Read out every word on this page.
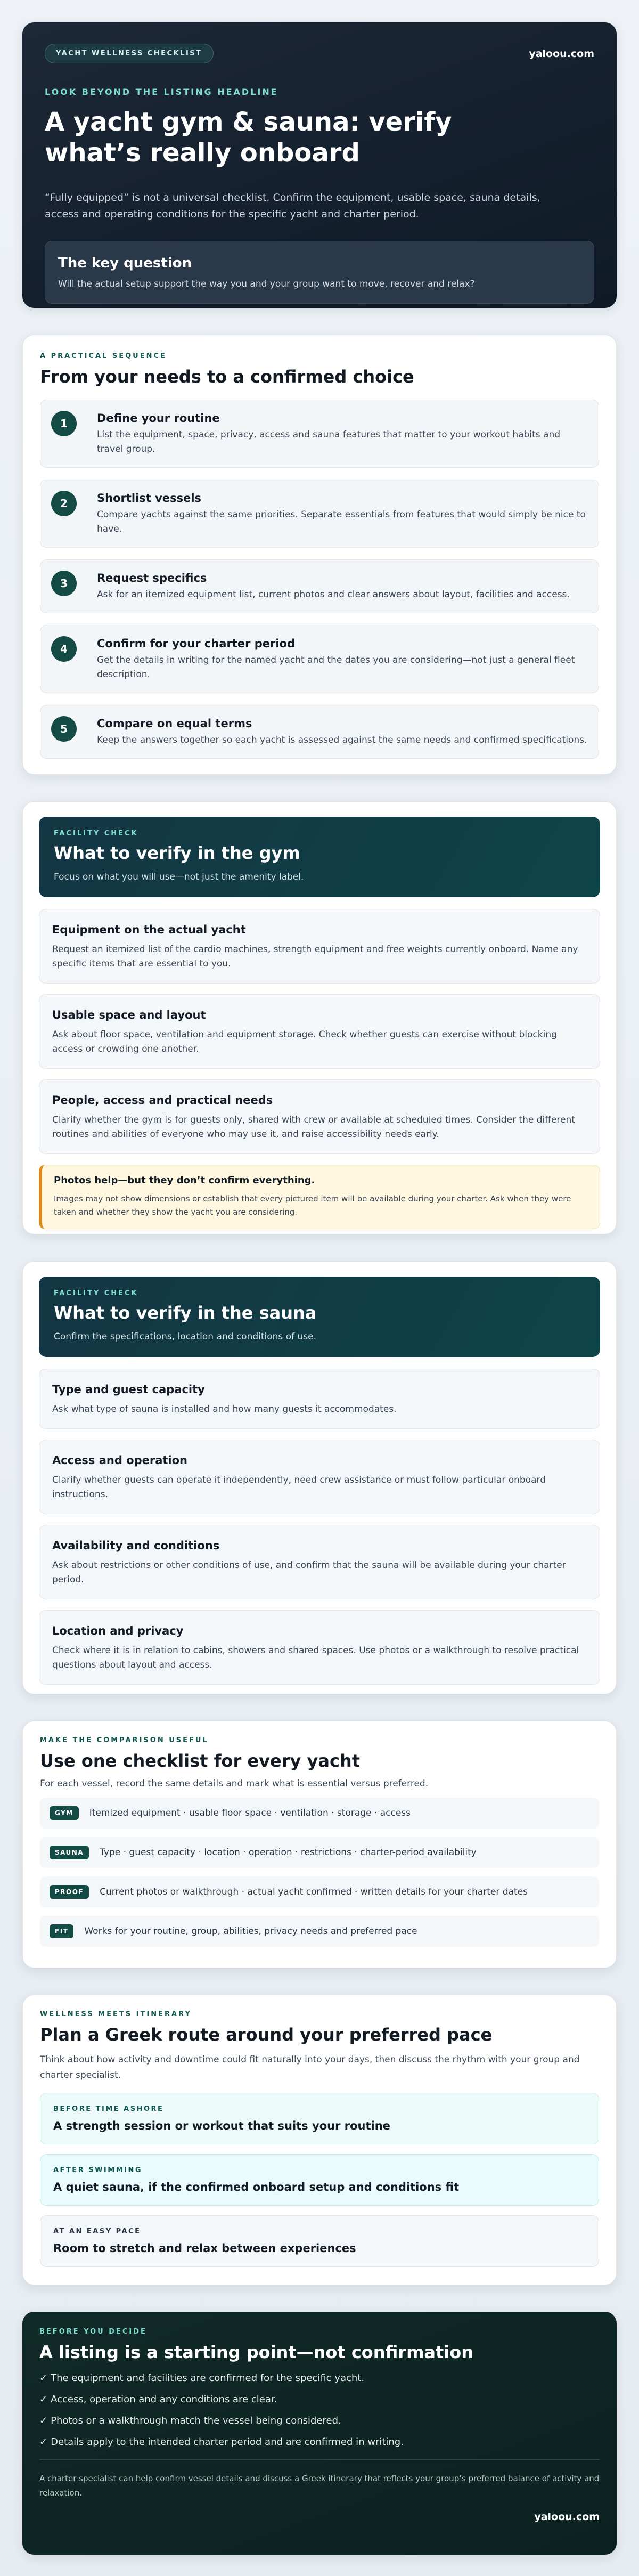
YACHT WELLNESS CHECKLIST	yaloou.com
LOOK BEYOND THE LISTING HEADLINE
A yacht gym & sauna: verify what’s really onboard

“Fully equipped” is not a universal checklist. Confirm the equipment, usable space, sauna details, access and operating conditions for the specific yacht and charter period.

The key question
Will the actual setup support the way you and your group want to move, recover and relax?
A PRACTICAL SEQUENCE
From your needs to a confirmed choice
1	Define your routine
List the equipment, space, privacy, access and sauna features that matter to your workout habits and travel group.
2	Shortlist vessels
Compare yachts against the same priorities. Separate essentials from features that would simply be nice to have.
3	Request specifics
Ask for an itemized equipment list, current photos and clear answers about layout, facilities and access.
4	Confirm for your charter period
Get the details in writing for the named yacht and the dates you are considering—not just a general fleet description.
5	Compare on equal terms
Keep the answers together so each yacht is assessed against the same needs and confirmed specifications.
FACILITY CHECK
What to verify in the gym
Focus on what you will use—not just the amenity label.
Equipment on the actual yacht
Request an itemized list of the cardio machines, strength equipment and free weights currently onboard. Name any specific items that are essential to you.
Usable space and layout
Ask about floor space, ventilation and equipment storage. Check whether guests can exercise without blocking access or crowding one another.
People, access and practical needs
Clarify whether the gym is for guests only, shared with crew or available at scheduled times. Consider the different routines and abilities of everyone who may use it, and raise accessibility needs early.
Photos help—but they don’t confirm everything.
Images may not show dimensions or establish that every pictured item will be available during your charter. Ask when they were taken and whether they show the yacht you are considering.
FACILITY CHECK
What to verify in the sauna
Confirm the specifications, location and conditions of use.
Type and guest capacity
Ask what type of sauna is installed and how many guests it accommodates.
Access and operation
Clarify whether guests can operate it independently, need crew assistance or must follow particular onboard instructions.
Availability and conditions
Ask about restrictions or other conditions of use, and confirm that the sauna will be available during your charter period.
Location and privacy
Check where it is in relation to cabins, showers and shared spaces. Use photos or a walkthrough to resolve practical questions about layout and access.
MAKE THE COMPARISON USEFUL
Use one checklist for every yacht

For each vessel, record the same details and mark what is essential versus preferred.

GYM	Itemized equipment · usable floor space · ventilation · storage · access
SAUNA	Type · guest capacity · location · operation · restrictions · charter-period availability
PROOF	Current photos or walkthrough · actual yacht confirmed · written details for your charter dates
FIT	Works for your routine, group, abilities, privacy needs and preferred pace
WELLNESS MEETS ITINERARY
Plan a Greek route around your preferred pace

Think about how activity and downtime could fit naturally into your days, then discuss the rhythm with your group and charter specialist.

BEFORE TIME ASHORE
A strength session or workout that suits your routine
AFTER SWIMMING
A quiet sauna, if the confirmed onboard setup and conditions fit
AT AN EASY PACE
Room to stretch and relax between experiences
BEFORE YOU DECIDE
A listing is a starting point—not confirmation
✓ The equipment and facilities are confirmed for the specific yacht.
✓ Access, operation and any conditions are clear.
✓ Photos or a walkthrough match the vessel being considered.
✓ Details apply to the intended charter period and are confirmed in writing.

A charter specialist can help confirm vessel details and discuss a Greek itinerary that reflects your group’s preferred balance of activity and relaxation.

yaloou.com
